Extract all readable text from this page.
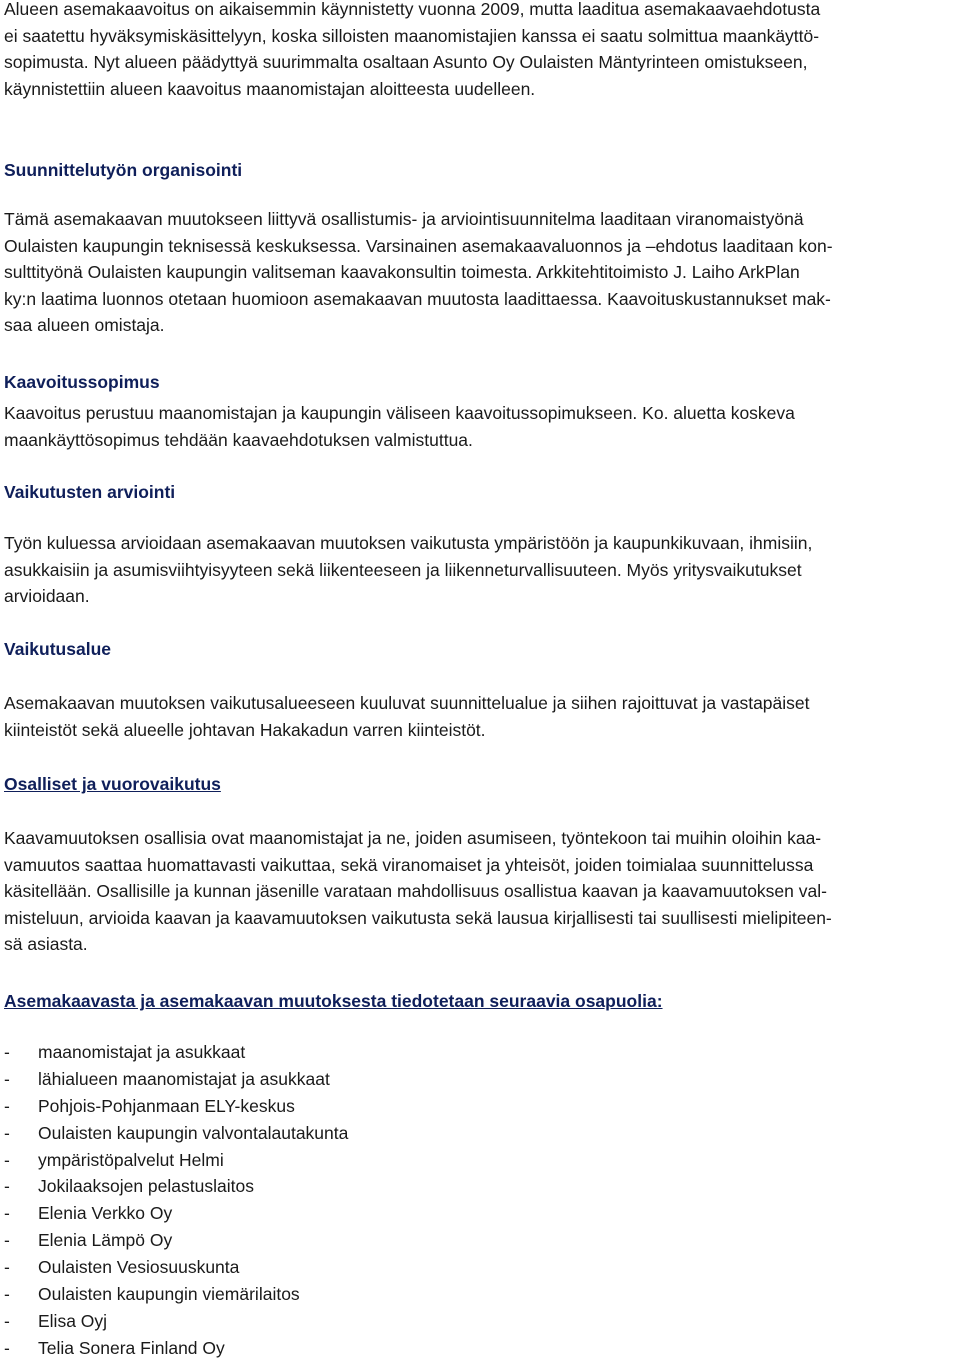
Alueen asemakaavoitus on aikaisemmin käynnistetty vuonna 2009, mutta laaditua asemakaavaehdotusta
ei saatettu hyväksymiskäsittelyyn, koska silloisten maanomistajien kanssa ei saatu solmittua maankäyttö-
sopimusta. Nyt alueen päädyttyä suurimmalta osaltaan Asunto Oy Oulaisten Mäntyrinteen omistukseen,
käynnistettiin alueen kaavoitus maanomistajan aloitteesta uudelleen.

Suunnittelutyön organisointi

Tämä asemakaavan muutokseen liittyvä osallistumis- ja arviointisuunnitelma laaditaan viranomaistyönä
Oulaisten kaupungin teknisessä keskuksessa. Varsinainen asemakaavaluonnos ja –ehdotus laaditaan kon-
sulttityönä Oulaisten kaupungin valitseman kaavakonsultin toimesta. Arkkitehtitoimisto J. Laiho ArkPlan
ky:n laatima luonnos otetaan huomioon asemakaavan muutosta laadittaessa. Kaavoituskustannukset mak-
saa alueen omistaja.

Kaavoitussopimus

Kaavoitus perustuu maanomistajan ja kaupungin väliseen kaavoitussopimukseen. Ko. aluetta koskeva
maankäyttösopimus tehdään kaavaehdotuksen valmistuttua.

Vaikutusten arviointi

Työn kuluessa arvioidaan asemakaavan muutoksen vaikutusta ympäristöön ja kaupunkikuvaan, ihmisiin,
asukkaisiin ja asumisviihtyisyyteen sekä liikenteeseen ja liikenneturvallisuuteen. Myös yritysvaikutukset
arvioidaan.

Vaikutusalue

Asemakaavan muutoksen vaikutusalueeseen kuuluvat suunnittelualue ja siihen rajoittuvat ja vastapäiset
kiinteistöt sekä alueelle johtavan Hakakadun varren kiinteistöt.

Osalliset ja vuorovaikutus

Kaavamuutoksen osallisia ovat maanomistajat ja ne, joiden asumiseen, työntekoon tai muihin oloihin kaa-
vamuutos saattaa huomattavasti vaikuttaa, sekä viranomaiset ja yhteisöt, joiden toimialaa suunnittelussa
käsitellään. Osallisille ja kunnan jäsenille varataan mahdollisuus osallistua kaavan ja kaavamuutoksen val-
misteluun, arvioida kaavan ja kaavamuutoksen vaikutusta sekä lausua kirjallisesti tai suullisesti mielipiteen-
sä asiasta.

Asemakaavasta ja asemakaavan muutoksesta tiedotetaan seuraavia osapuolia:

-	maanomistajat ja asukkaat
-	lähialueen maanomistajat ja asukkaat
-	Pohjois-Pohjanmaan ELY-keskus
-	Oulaisten kaupungin valvontalautakunta
-	ympäristöpalvelut Helmi
-	Jokilaaksojen pelastuslaitos
-	Elenia Verkko Oy
-	Elenia Lämpö Oy
-	Oulaisten Vesiosuuskunta
-	Oulaisten kaupungin viemärilaitos
-	Elisa Oyj
-	Telia Sonera Finland Oy
